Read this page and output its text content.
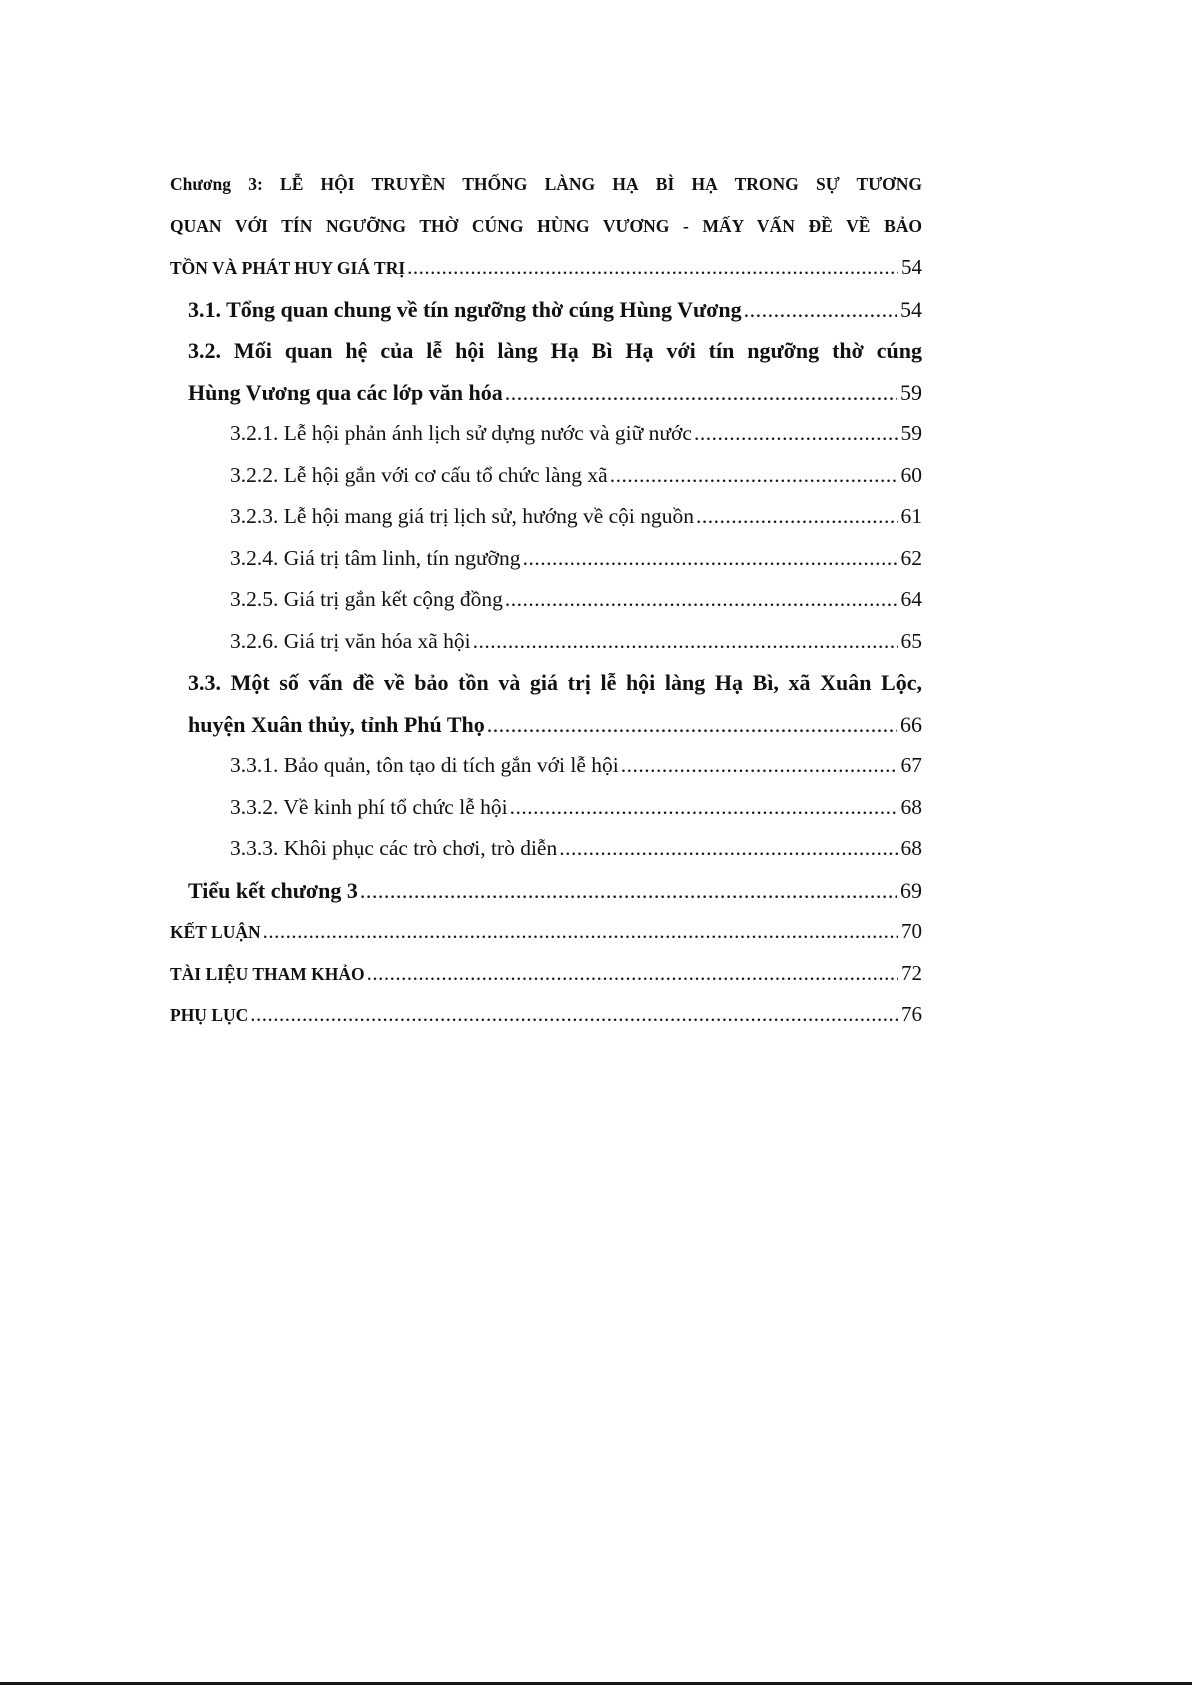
Chương 3: LỄ HỘI TRUYỀN THỐNG LÀNG HẠ BÌ HẠ TRONG SỰ TƯƠNG
QUAN VỚI TÍN NGƯỠNG THỜ CÚNG HÙNG VƯƠNG - MẤY VẤN ĐỀ VỀ BẢO
TỒN VÀ PHÁT HUY GIÁ TRỊ .....	54
3.1. Tổng quan chung về tín ngưỡng thờ cúng Hùng Vương .....	54
3.2. Mối quan hệ của lễ hội làng Hạ Bì Hạ với tín ngưỡng thờ cúng
Hùng Vương qua các lớp văn hóa .....	59
3.2.1. Lễ hội phản ánh lịch sử dựng nước và giữ nước .....	59
3.2.2. Lễ hội gắn với cơ cấu tổ chức làng xã .....	60
3.2.3. Lễ hội mang giá trị lịch sử, hướng về cội nguồn .....	61
3.2.4. Giá trị tâm linh, tín ngưỡng .....	62
3.2.5. Giá trị gắn kết cộng đồng .....	64
3.2.6. Giá trị văn hóa xã hội .....	65
3.3. Một số vấn đề về bảo tồn và giá trị lễ hội làng Hạ Bì, xã Xuân Lộc,
huyện Xuân thủy, tỉnh Phú Thọ .....	66
3.3.1. Bảo quản, tôn tạo di tích gắn với lễ hội .....	67
3.3.2. Về kinh phí tổ chức lễ hội .....	68
3.3.3. Khôi phục các trò chơi, trò diễn .....	68
Tiểu kết chương 3 .....	69
KẾT LUẬN .....	70
TÀI LIỆU THAM KHẢO .....	72
PHỤ LỤC .....	76
